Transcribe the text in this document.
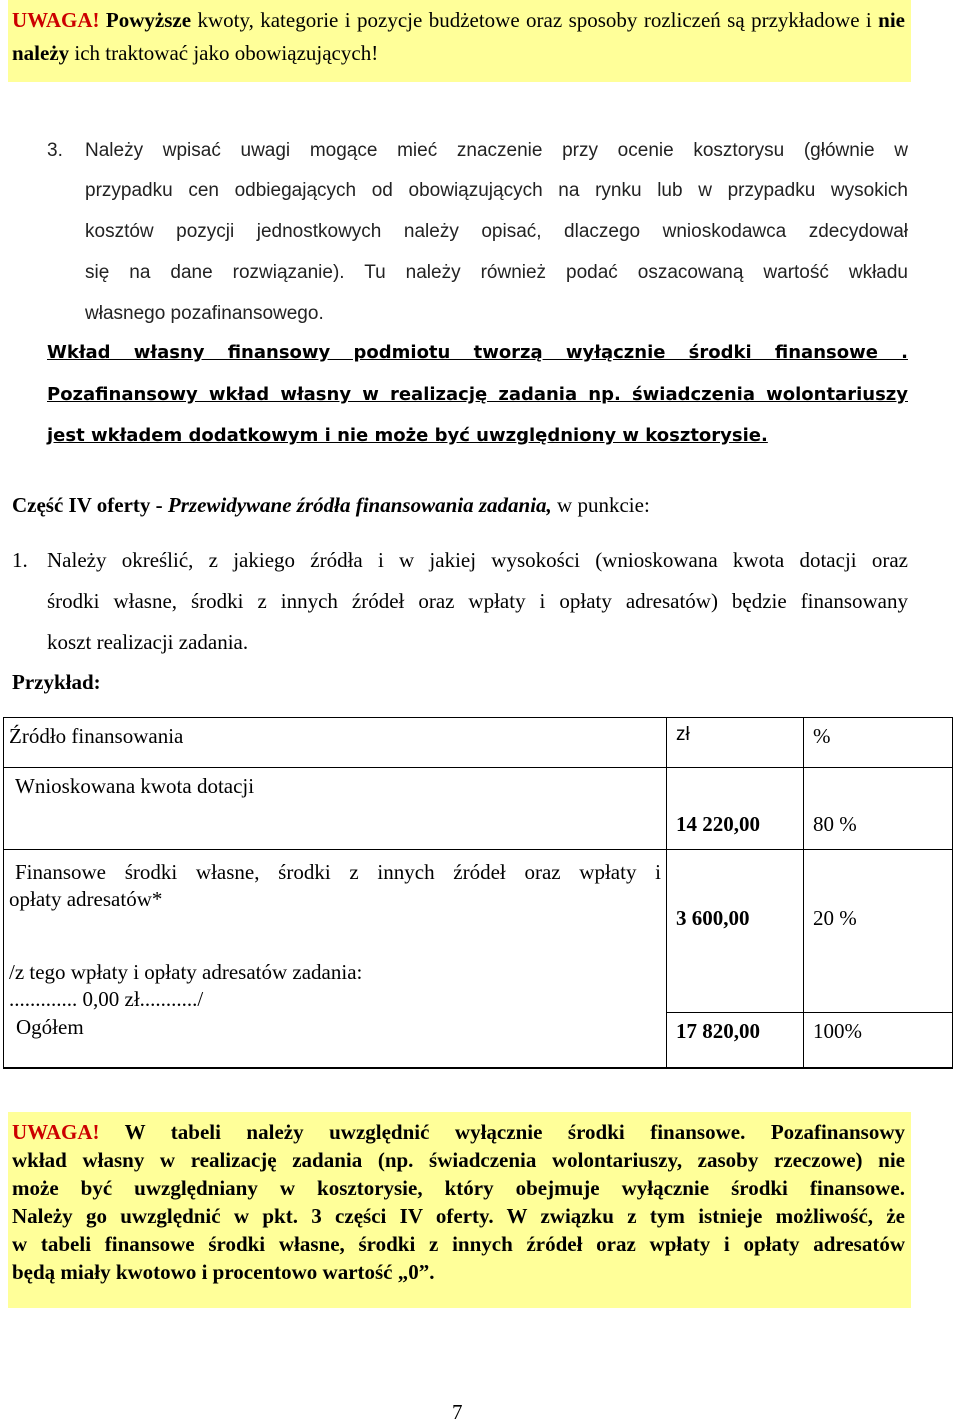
UWAGA! Powyższe kwoty, kategorie i pozycje budżetowe oraz sposoby rozliczeń są przykładowe i nie należy ich traktować jako obowiązujących!
3. Należy wpisać uwagi mogące mieć znaczenie przy ocenie kosztorysu (głównie w
przypadku cen odbiegających od obowiązujących na rynku lub w przypadku wysokich
kosztów pozycji jednostkowych należy opisać, dlaczego wnioskodawca zdecydował
się na dane rozwiązanie). Tu należy również podać oszacowaną wartość wkładu
własnego pozafinansowego.
Wkład własny finansowy podmiotu tworzą wyłącznie środki finansowe .
Pozafinansowy wkład własny w realizację zadania np. świadczenia wolontariuszy
jest wkładem dodatkowym i nie może być uwzględniony w kosztorysie.
Część IV oferty - Przewidywane źródła finansowania zadania, w punkcie:
1. Należy określić, z jakiego źródła i w jakiej wysokości (wnioskowana kwota dotacji oraz
środki własne, środki z innych źródeł oraz wpłaty i opłaty adresatów) będzie finansowany
koszt realizacji zadania.
Przykład:
Źródło finansowania	zł	%

Wnioskowana kwota dotacji	14 220,00	80 %

Finansowe środki własne, środki z innych źródeł oraz wpłaty i
opłaty adresatów*
/z tego wpłaty i opłaty adresatów zadania:
............. 0,00 zł.........../	3 600,00	20 %

Ogółem	17 820,00	100%
UWAGA! W tabeli należy uwzględnić wyłącznie środki finansowe. Pozafinansowy
wkład własny w realizację zadania (np. świadczenia wolontariuszy, zasoby rzeczowe) nie
może być uwzględniany w kosztorysie, który obejmuje wyłącznie środki finansowe.
Należy go uwzględnić w pkt. 3 części IV oferty. W związku z tym istnieje możliwość, że
w tabeli finansowe środki własne, środki z innych źródeł oraz wpłaty i opłaty adresatów
będą miały kwotowo i procentowo wartość „0”.
7
